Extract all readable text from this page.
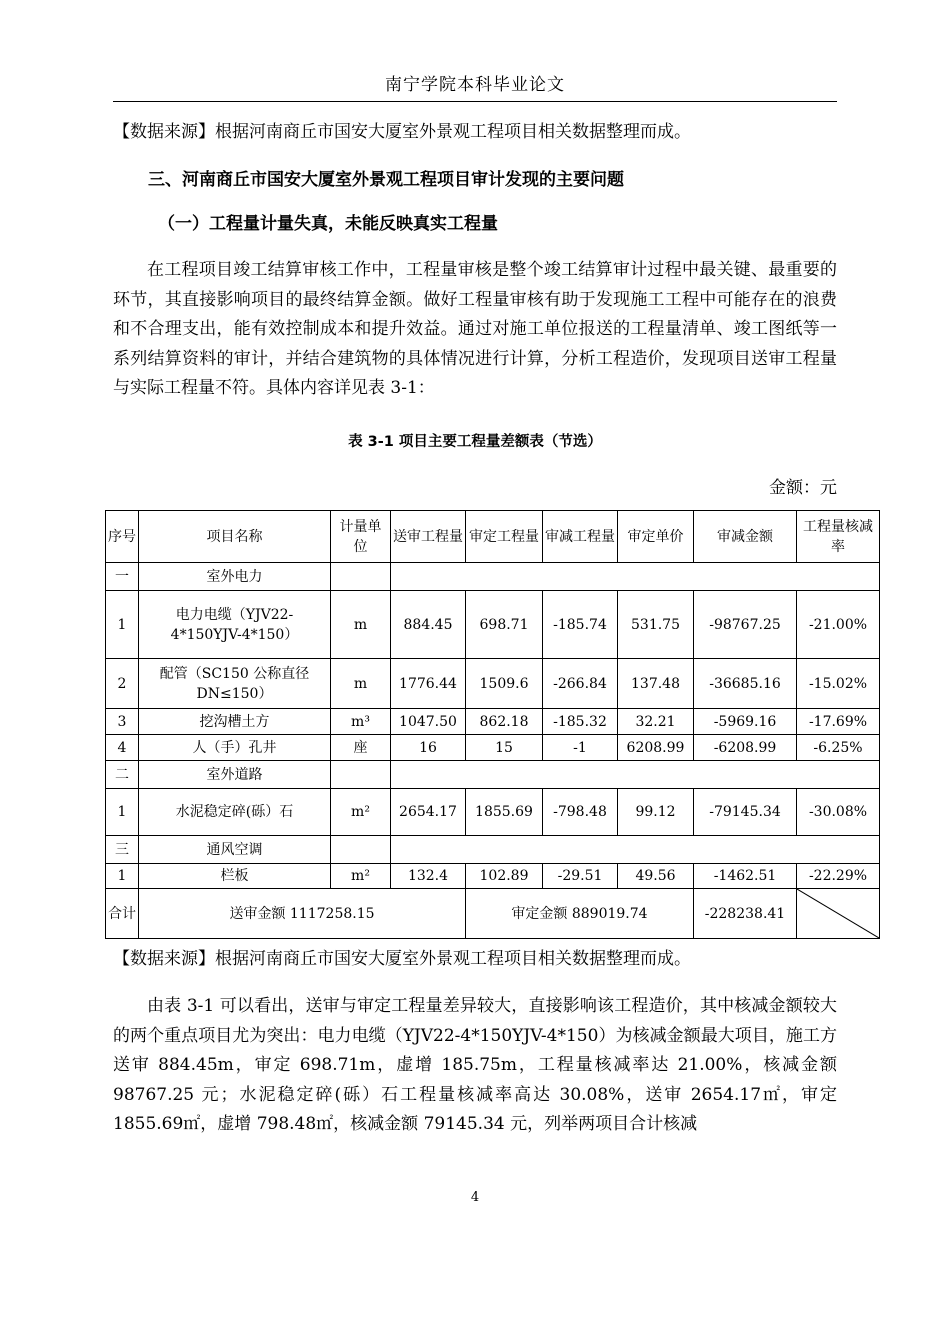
南宁学院本科毕业论文
【数据来源】根据河南商丘市国安大厦室外景观工程项目相关数据整理而成。
三、河南商丘市国安大厦室外景观工程项目审计发现的主要问题
（一）工程量计量失真，未能反映真实工程量
在工程项目竣工结算审核工作中，工程量审核是整个竣工结算审计过程中最关键、最重要的环节，其直接影响项目的最终结算金额。做好工程量审核有助于发现施工工程中可能存在的浪费和不合理支出，能有效控制成本和提升效益。通过对施工单位报送的工程量清单、竣工图纸等一系列结算资料的审计，并结合建筑物的具体情况进行计算，分析工程造价，发现项目送审工程量与实际工程量不符。具体内容详见表 3-1：
表 3-1 项目主要工程量差额表（节选）
金额：元
序号	项目名称	计量单位	送审工程量	审定工程量	审减工程量	审定单价	审减金额	工程量核减率
一	室外电力							
1	电力电缆（YJV22-4*150YJV-4*150）	m	884.45	698.71	-185.74	531.75	-98767.25	-21.00%
2	配管（SC150 公称直径 DN≤150）	m	1776.44	1509.6	-266.84	137.48	-36685.16	-15.02%
3	挖沟槽土方	m³	1047.50	862.18	-185.32	32.21	-5969.16	-17.69%
4	人（手）孔井	座	16	15	-1	6208.99	-6208.99	-6.25%
二	室外道路							
1	水泥稳定碎(砾）石	m²	2654.17	1855.69	-798.48	99.12	-79145.34	-30.08%
三	通风空调							
1	栏板	m²	132.4	102.89	-29.51	49.56	-1462.51	-22.29%
合计	送审金额 1117258.15			审定金额 889019.74			-228238.41	
【数据来源】根据河南商丘市国安大厦室外景观工程项目相关数据整理而成。
由表 3-1 可以看出，送审与审定工程量差异较大，直接影响该工程造价，其中核减金额较大的两个重点项目尤为突出：电力电缆（YJV22-4*150YJV-4*150）为核减金额最大项目，施工方送审 884.45m，审定 698.71m，虚增 185.75m，工程量核减率达 21.00%，核减金额 98767.25 元；水泥稳定碎(砾）石工程量核减率高达 30.08%，送审 2654.17㎡，审定 1855.69㎡，虚增 798.48㎡，核减金额 79145.34 元，列举两项目合计核减
4
